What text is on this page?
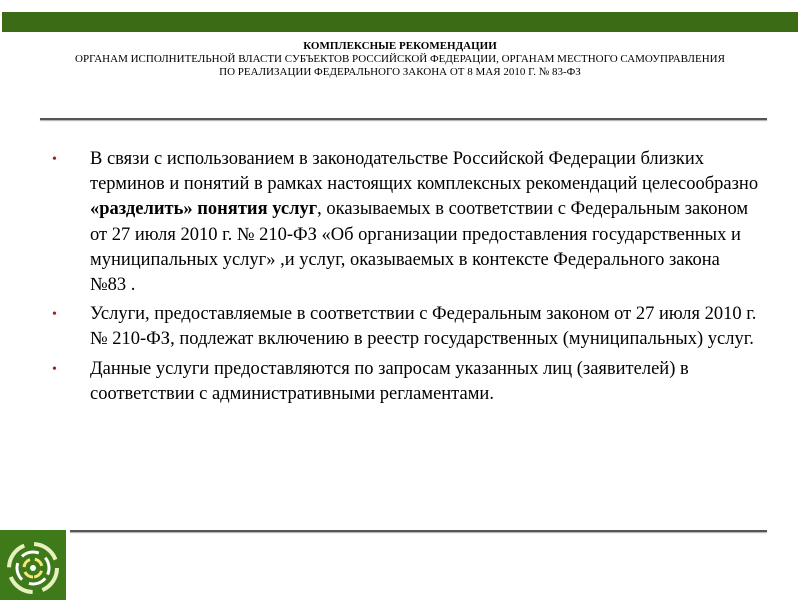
КОМПЛЕКСНЫЕ РЕКОМЕНДАЦИИ
ОРГАНАМ ИСПОЛНИТЕЛЬНОЙ ВЛАСТИ СУБЪЕКТОВ РОССИЙСКОЙ ФЕДЕРАЦИИ, ОРГАНАМ МЕСТНОГО САМОУПРАВЛЕНИЯ
ПО РЕАЛИЗАЦИИ ФЕДЕРАЛЬНОГО ЗАКОНА ОТ 8 МАЯ 2010 Г. № 83-ФЗ
• В связи с использованием в законодательстве Российской Федерации близких терминов и понятий в рамках настоящих комплексных рекомендаций целесообразно «разделить» понятия услуг, оказываемых в соответствии с Федеральным законом от 27 июля 2010 г. № 210-ФЗ «Об организации предоставления государственных и муниципальных услуг» ,и услуг, оказываемых в контексте Федерального закона №83 .
• Услуги, предоставляемые в соответствии с Федеральным законом от 27 июля 2010 г. № 210-ФЗ, подлежат включению в реестр государственных (муниципальных) услуг.
• Данные услуги предоставляются по запросам указанных лиц (заявителей) в соответствии с административными регламентами.
